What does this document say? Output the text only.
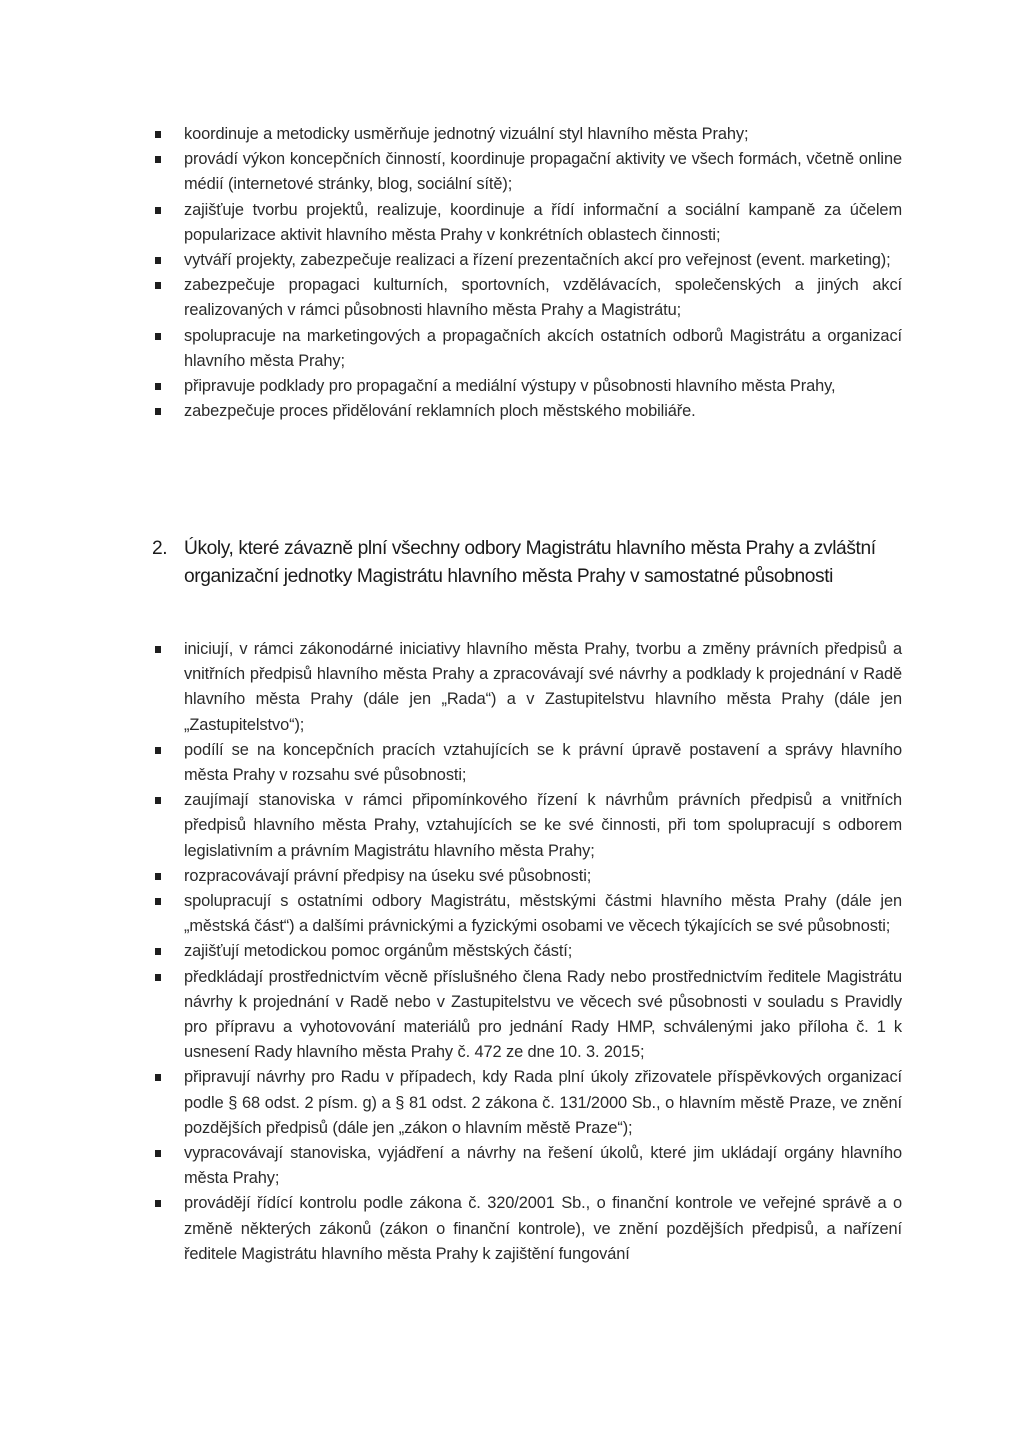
koordinuje a metodicky usměrňuje jednotný vizuální styl hlavního města Prahy;
provádí výkon koncepčních činností, koordinuje propagační aktivity ve všech formách, včetně online médií (internetové stránky, blog, sociální sítě);
zajišťuje tvorbu projektů, realizuje, koordinuje a řídí informační a sociální kampaně za účelem popularizace aktivit hlavního města Prahy v konkrétních oblastech činnosti;
vytváří projekty, zabezpečuje realizaci a řízení prezentačních akcí pro veřejnost (event. marketing);
zabezpečuje propagaci kulturních, sportovních, vzdělávacích, společenských a jiných akcí realizovaných v rámci působnosti hlavního města Prahy a Magistrátu;
spolupracuje na marketingových a propagačních akcích ostatních odborů Magistrátu a organizací hlavního města Prahy;
připravuje podklady pro propagační a mediální výstupy v působnosti hlavního města Prahy,
zabezpečuje proces přidělování reklamních ploch městského mobiliáře.
2. Úkoly, které závazně plní všechny odbory Magistrátu hlavního města Prahy a zvláštní organizační jednotky Magistrátu hlavního města Prahy v samostatné působnosti
iniciují, v rámci zákonodárné iniciativy hlavního města Prahy, tvorbu a změny právních předpisů a vnitřních předpisů hlavního města Prahy a zpracovávají své návrhy a podklady k projednání v Radě hlavního města Prahy (dále jen „Rada“) a v Zastupitelstvu hlavního města Prahy (dále jen „Zastupitelstvo“);
podílí se na koncepčních pracích vztahujících se k právní úpravě postavení a správy hlavního města Prahy v rozsahu své působnosti;
zaujímají stanoviska v rámci připomínkového řízení k návrhům právních předpisů a vnitřních předpisů hlavního města Prahy, vztahujících se ke své činnosti, při tom spolupracují s odborem legislativním a právním Magistrátu hlavního města Prahy;
rozpracovávají právní předpisy na úseku své působnosti;
spolupracují s ostatními odbory Magistrátu, městskými částmi hlavního města Prahy (dále jen „městská část“) a dalšími právnickými a fyzickými osobami ve věcech týkajících se své působnosti;
zajišťují metodickou pomoc orgánům městských částí;
předkládají prostřednictvím věcně příslušného člena Rady nebo prostřednictvím ředitele Magistrátu návrhy k projednání v Radě nebo v Zastupitelstvu ve věcech své působnosti v souladu s Pravidly pro přípravu a vyhotovování materiálů pro jednání Rady HMP, schválenými jako příloha č. 1 k usnesení Rady hlavního města Prahy č. 472 ze dne 10. 3. 2015;
připravují návrhy pro Radu v případech, kdy Rada plní úkoly zřizovatele příspěvkových organizací podle § 68 odst. 2 písm. g) a § 81 odst. 2 zákona č. 131/2000 Sb., o hlavním městě Praze, ve znění pozdějších předpisů (dále jen „zákon o hlavním městě Praze“);
vypracovávají stanoviska, vyjádření a návrhy na řešení úkolů, které jim ukládají orgány hlavního města Prahy;
provádějí řídící kontrolu podle zákona č. 320/2001 Sb., o finanční kontrole ve veřejné správě a o změně některých zákonů (zákon o finanční kontrole), ve znění pozdějších předpisů, a nařízení ředitele Magistrátu hlavního města Prahy k zajištění fungování
